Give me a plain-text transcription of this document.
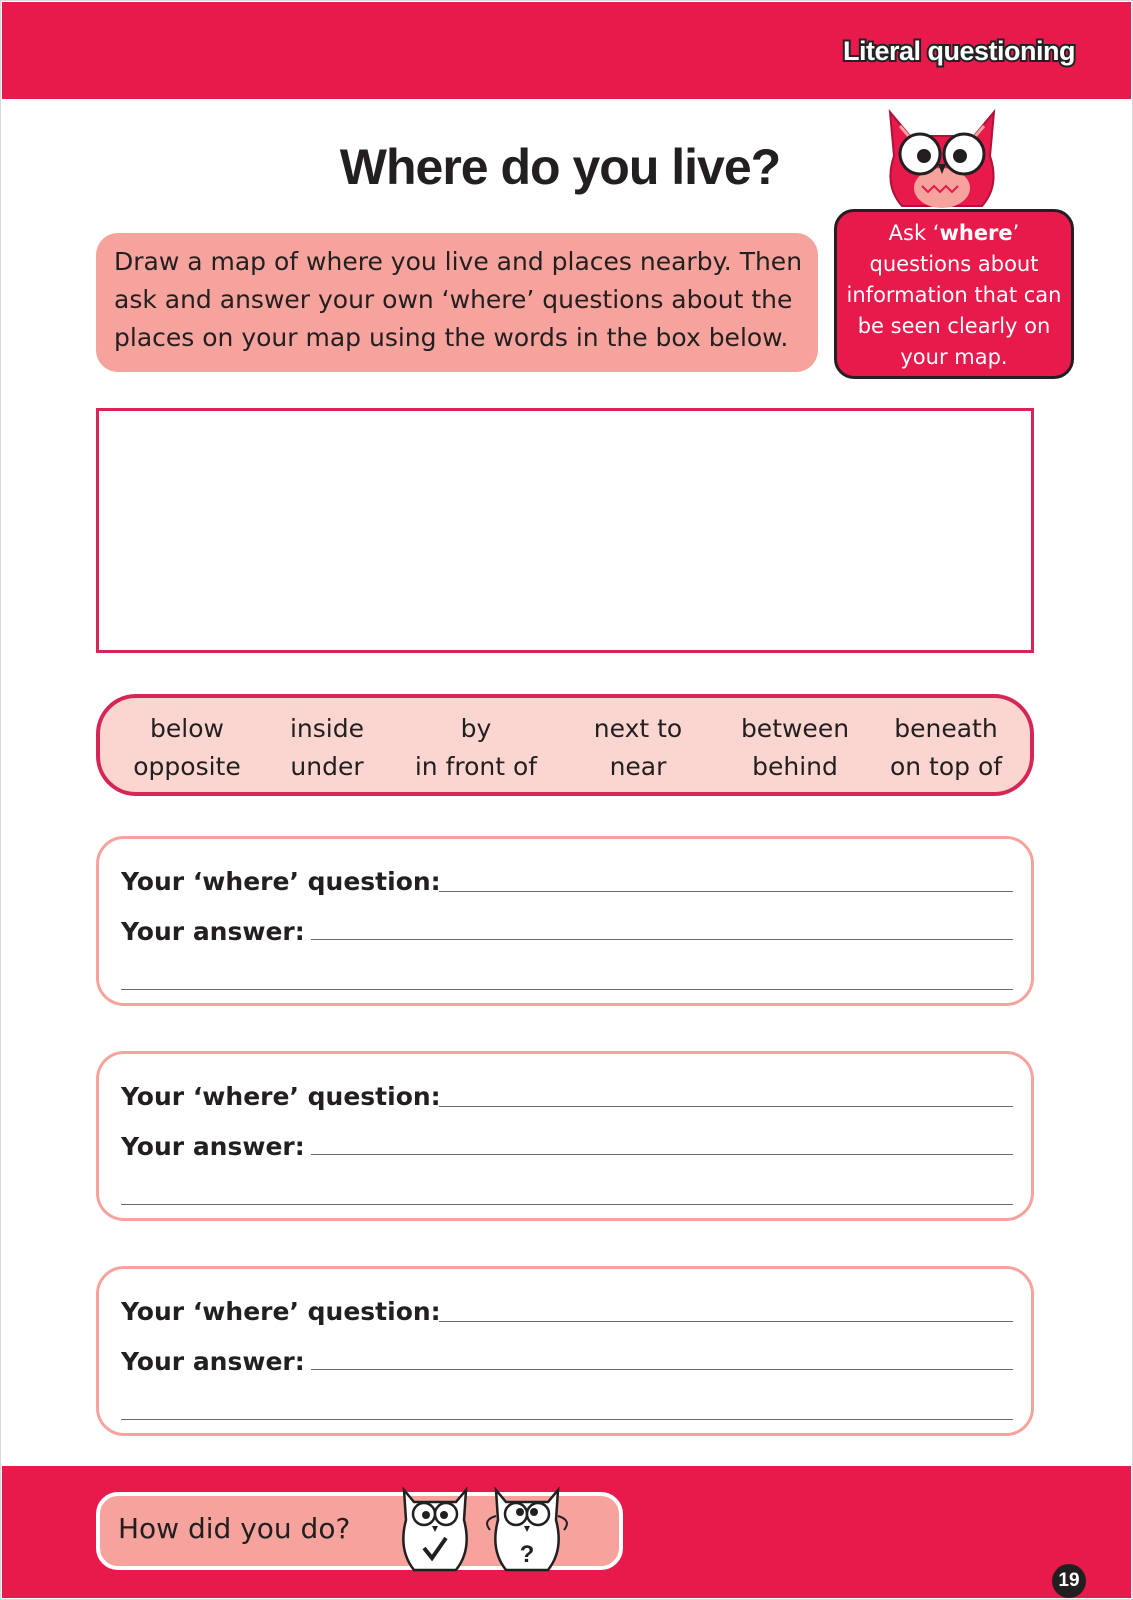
Literal questioning
Where do you live?
Draw a map of where you live and places nearby. Then ask and answer your own ‘where’ questions about the places on your map using the words in the box below.
Ask ‘where’ questions about information that can be seen clearly on your map.
below
opposite
inside
under
by
in front of
next to
near
between
behind
beneath
on top of
Your ‘where’ question:
Your answer:
Your ‘where’ question:
Your answer:
Your ‘where’ question:
Your answer:
How did you do?
?
19
